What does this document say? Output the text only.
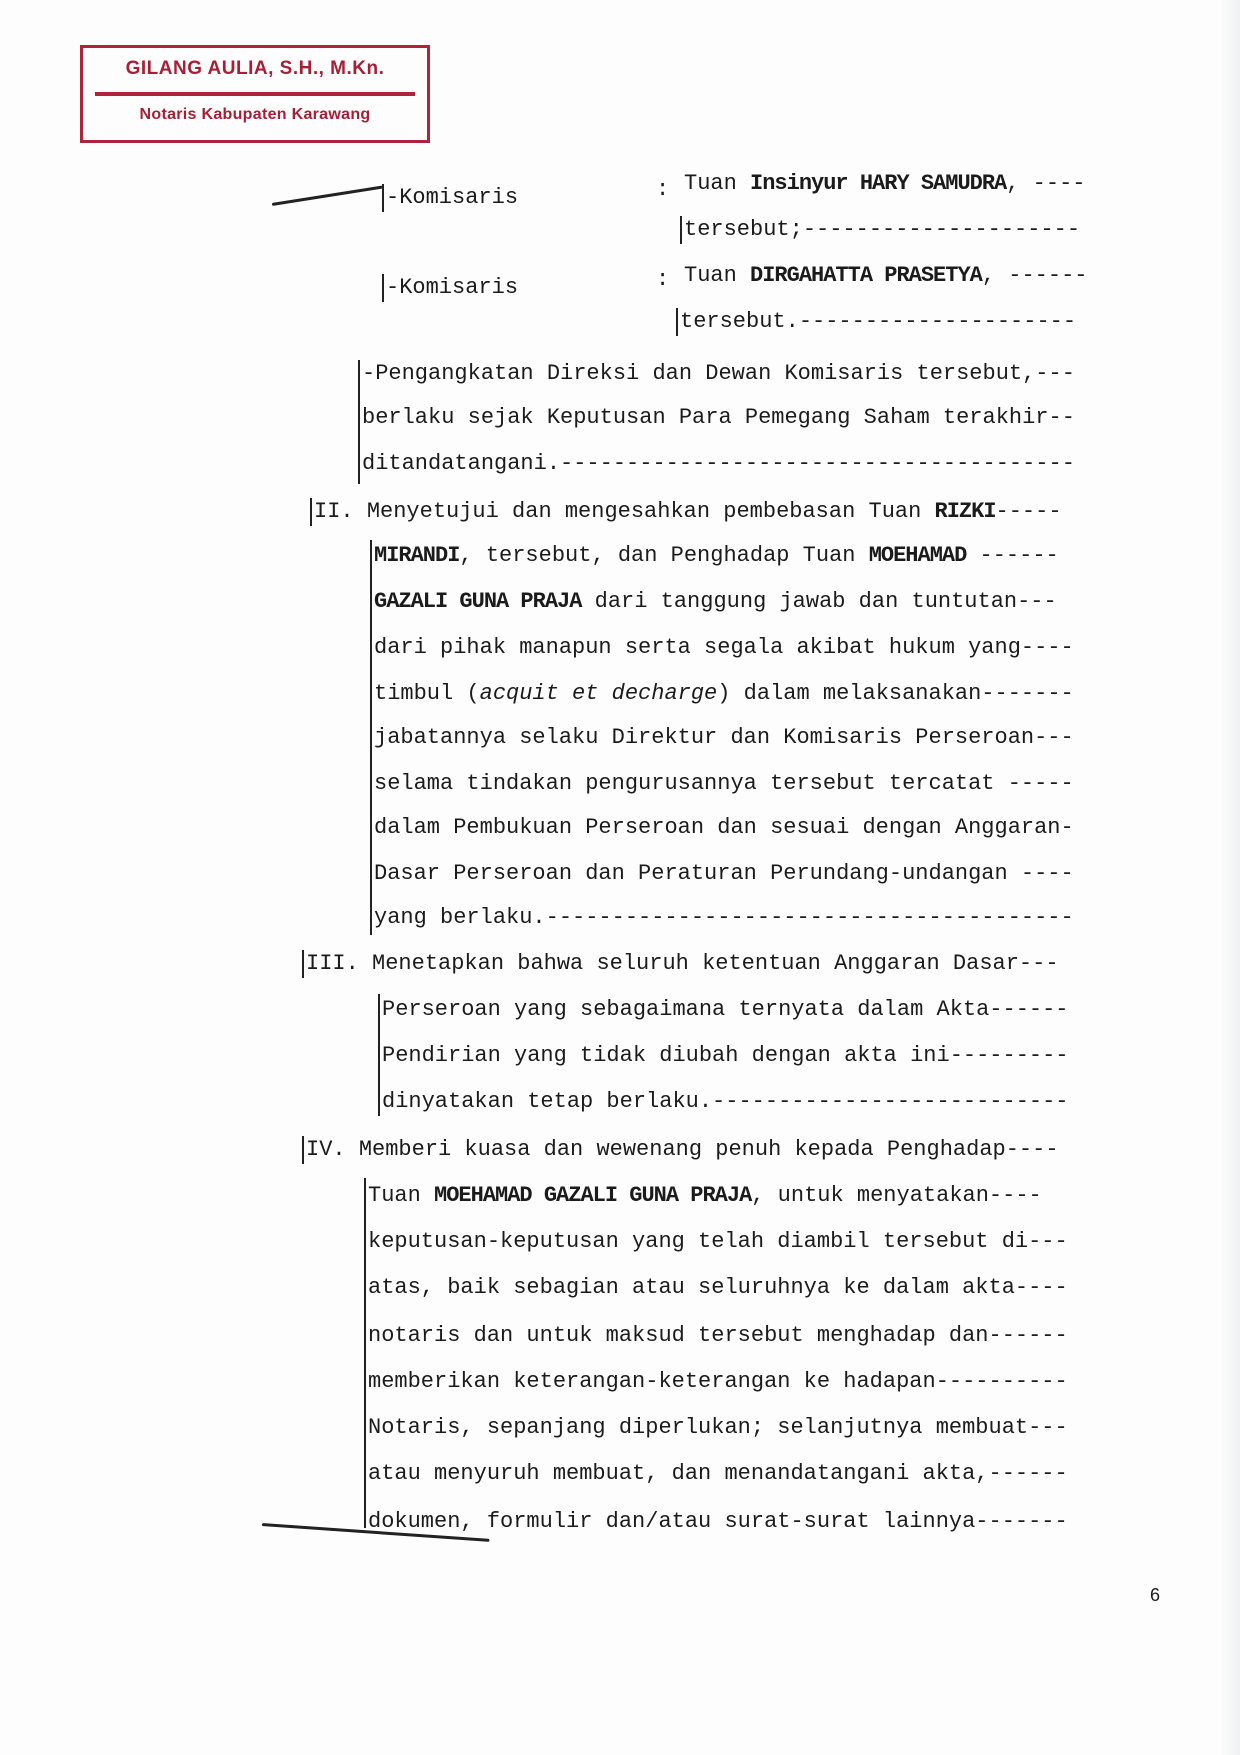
GILANG AULIA, S.H., M.Kn.
Notaris Kabupaten Karawang
-Komisaris	: Tuan Insinyur HARY SAMUDRA, ----
tersebut;---------------------
-Komisaris	: Tuan DIRGAHATTA PRASETYA, ------
tersebut.---------------------
-Pengangkatan Direksi dan Dewan Komisaris tersebut,---
berlaku sejak Keputusan Para Pemegang Saham terakhir--
ditandatangani.---------------------------------------
II. Menyetujui dan mengesahkan pembebasan Tuan RIZKI-----
MIRANDI, tersebut, dan Penghadap Tuan MOEHAMAD ------
GAZALI GUNA PRAJA dari tanggung jawab dan tuntutan---
dari pihak manapun serta segala akibat hukum yang----
timbul (acquit et decharge) dalam melaksanakan-------
jabatannya selaku Direktur dan Komisaris Perseroan---
selama tindakan pengurusannya tersebut tercatat -----
dalam Pembukuan Perseroan dan sesuai dengan Anggaran-
Dasar Perseroan dan Peraturan Perundang-undangan ----
yang berlaku.----------------------------------------
III. Menetapkan bahwa seluruh ketentuan Anggaran Dasar---
Perseroan yang sebagaimana ternyata dalam Akta------
Pendirian yang tidak diubah dengan akta ini---------
dinyatakan tetap berlaku.---------------------------
IV. Memberi kuasa dan wewenang penuh kepada Penghadap----
Tuan MOEHAMAD GAZALI GUNA PRAJA, untuk menyatakan----
keputusan-keputusan yang telah diambil tersebut di---
atas, baik sebagian atau seluruhnya ke dalam akta----
notaris dan untuk maksud tersebut menghadap dan------
memberikan keterangan-keterangan ke hadapan----------
Notaris, sepanjang diperlukan; selanjutnya membuat---
atau menyuruh membuat, dan menandatangani akta,------
dokumen, formulir dan/atau surat-surat lainnya-------
6
